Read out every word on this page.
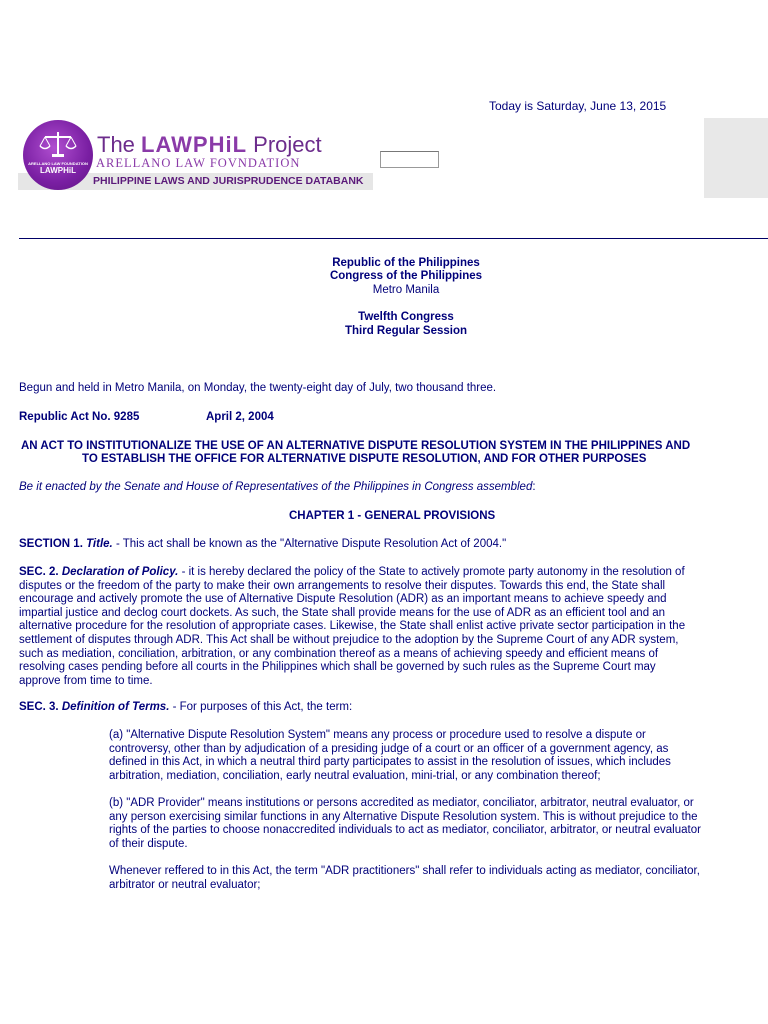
Today is Saturday, June 13, 2015
ARELLANO LAW FOUNDATION
LAWPHiL
The LAWPHiL Project
ARELLANO LAW FOVNDATION
PHILIPPINE LAWS AND JURISPRUDENCE DATABANK
Republic of the Philippines
Congress of the Philippines
Metro Manila
Twelfth Congress
Third Regular Session
Begun and held in Metro Manila, on Monday, the twenty-eight day of July, two thousand three.
Republic Act No. 9285	April 2, 2004
AN ACT TO INSTITUTIONALIZE THE USE OF AN ALTERNATIVE DISPUTE RESOLUTION SYSTEM IN THE PHILIPPINES AND
TO ESTABLISH THE OFFICE FOR ALTERNATIVE DISPUTE RESOLUTION, AND FOR OTHER PURPOSES
Be it enacted by the Senate and House of Representatives of the Philippines in Congress assembled:
CHAPTER 1 - GENERAL PROVISIONS
SECTION 1. Title. - This act shall be known as the "Alternative Dispute Resolution Act of 2004."
SEC. 2. Declaration of Policy. - it is hereby declared the policy of the State to actively promote party autonomy in the resolution of
disputes or the freedom of the party to make their own arrangements to resolve their disputes. Towards this end, the State shall
encourage and actively promote the use of Alternative Dispute Resolution (ADR) as an important means to achieve speedy and
impartial justice and declog court dockets. As such, the State shall provide means for the use of ADR as an efficient tool and an
alternative procedure for the resolution of appropriate cases. Likewise, the State shall enlist active private sector participation in the
settlement of disputes through ADR. This Act shall be without prejudice to the adoption by the Supreme Court of any ADR system,
such as mediation, conciliation, arbitration, or any combination thereof as a means of achieving speedy and efficient means of
resolving cases pending before all courts in the Philippines which shall be governed by such rules as the Supreme Court may
approve from time to time.
SEC. 3. Definition of Terms. - For purposes of this Act, the term:
(a) "Alternative Dispute Resolution System" means any process or procedure used to resolve a dispute or
controversy, other than by adjudication of a presiding judge of a court or an officer of a government agency, as
defined in this Act, in which a neutral third party participates to assist in the resolution of issues, which includes
arbitration, mediation, conciliation, early neutral evaluation, mini-trial, or any combination thereof;
(b) "ADR Provider" means institutions or persons accredited as mediator, conciliator, arbitrator, neutral evaluator, or
any person exercising similar functions in any Alternative Dispute Resolution system. This is without prejudice to the
rights of the parties to choose nonaccredited individuals to act as mediator, conciliator, arbitrator, or neutral evaluator
of their dispute.
Whenever reffered to in this Act, the term "ADR practitioners" shall refer to individuals acting as mediator, conciliator,
arbitrator or neutral evaluator;
